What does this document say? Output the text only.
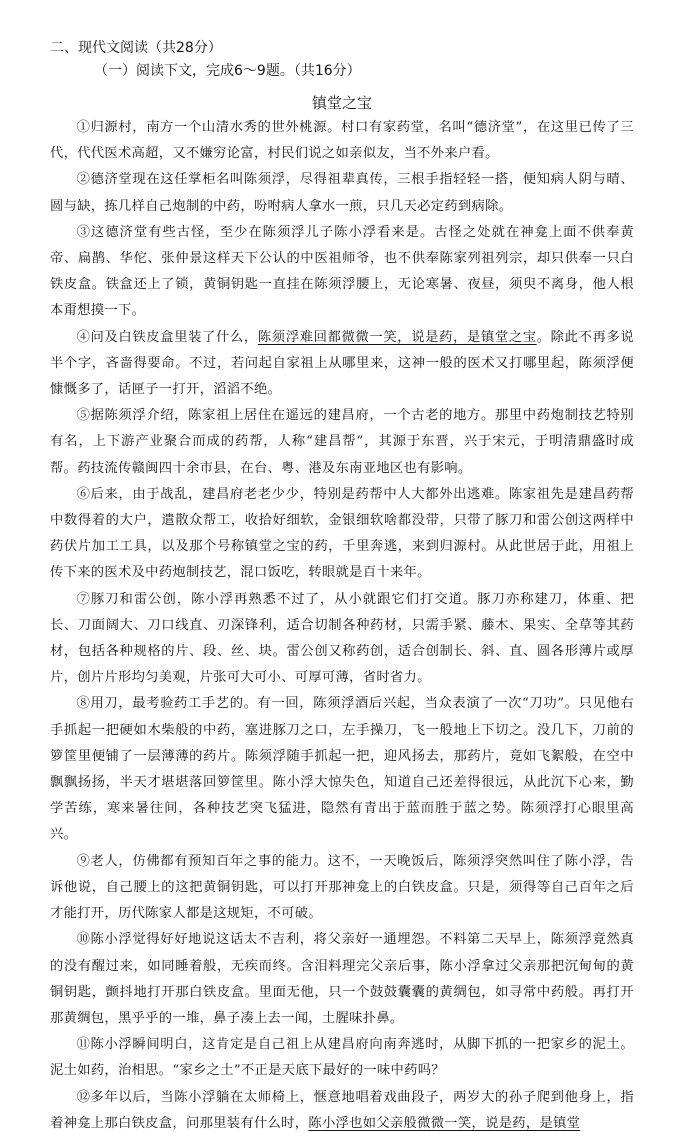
二、现代文阅读（共28分）
（一）阅读下文，完成6～9题。（共16分）
镇堂之宝

①归源村，南方一个山清水秀的世外桃源。村口有家药堂，名叫“德济堂”，在这里已传了三代，代代医术高超，又不嫌穷论富，村民们说之如亲似友，当不外来户看。

②德济堂现在这任掌柜名叫陈须浮，尽得祖辈真传，三根手指轻轻一搭，便知病人阴与晴、圆与缺，拣几样自己炮制的中药，吩咐病人拿水一煎，只几天必定药到病除。

③这德济堂有些古怪，至少在陈须浮儿子陈小浮看来是。古怪之处就在神龛上面不供奉黄帝、扁鹊、华佗、张仲景这样天下公认的中医祖师爷，也不供奉陈家列祖列宗，却只供奉一只白铁皮盒。铁盒还上了锁，黄铜钥匙一直挂在陈须浮腰上，无论寒暑、夜昼，须臾不离身，他人根本甭想摸一下。

④问及白铁皮盒里装了什么，陈须浮难回都微微一笑，说是药，是镇堂之宝。除此不再多说半个字，吝啬得要命。不过，若问起自家祖上从哪里来，这神一般的医术又打哪里起，陈须浮便慷慨多了，话匣子一打开，滔滔不绝。

⑤据陈须浮介绍，陈家祖上居住在遥远的建昌府，一个古老的地方。那里中药炮制技艺特别有名，上下游产业聚合而成的药帮，人称“建昌帮”，其源于东晋，兴于宋元，于明清鼎盛时成帮。药技流传赣闽四十余市县，在台、粤、港及东南亚地区也有影响。

⑥后来，由于战乱，建昌府老老少少，特别是药帮中人大都外出逃难。陈家祖先是建昌药帮中数得着的大户，遣散众帮工，收拾好细软，金银细软啥都没带，只带了豚刀和雷公创这两样中药伏片加工工具，以及那个号称镇堂之宝的药，千里奔逃，来到归源村。从此世居于此，用祖上传下来的医术及中药炮制技艺，混口饭吃，转眼就是百十来年。

⑦豚刀和雷公创，陈小浮再熟悉不过了，从小就跟它们打交道。豚刀亦称建刀，体重、把长、刀面阔大、刀口线直、刃深锋利，适合切制各种药材，只需手紧、藤木、果实、全草等其药材，包括各种规格的片、段、丝、块。雷公创又称药创，适合创制长、斜、直、圆各形薄片或厚片，创片片形均匀美观，片张可大可小、可厚可薄，省时省力。

⑧用刀，最考验药工手艺的。有一回，陈须浮酒后兴起，当众表演了一次“刀功”。只见他右手抓起一把硬如木柴般的中药，塞进豚刀之口，左手操刀，飞一般地上下切之。没几下，刀前的箩筐里便铺了一层薄薄的药片。陈须浮随手抓起一把，迎风扬去，那药片，竟如飞絮般，在空中飘飘扬扬，半天才堪堪落回箩筐里。陈小浮大惊失色，知道自己还差得很远，从此沉下心来，勤学苦练，寒来暑往间，各种技艺突飞猛进，隐然有青出于蓝而胜于蓝之势。陈须浮打心眼里高兴。

⑨老人，仿佛都有预知百年之事的能力。这不，一天晚饭后，陈须浮突然叫住了陈小浮，告诉他说，自己腰上的这把黄铜钥匙，可以打开那神龛上的白铁皮盒。只是，须得等自己百年之后才能打开，历代陈家人都是这规矩，不可破。

⑩陈小浮觉得好好地说这话太不吉利，将父亲好一通埋怨。不料第二天早上，陈须浮竟然真的没有醒过来，如同睡着般，无疾而终。含泪料理完父亲后事，陈小浮拿过父亲那把沉甸甸的黄铜钥匙，颤抖地打开那白铁皮盒。里面无他，只一个鼓鼓囊囊的黄绸包，如寻常中药般。再打开那黄绸包，黑乎乎的一堆，鼻子凑上去一闻，土腥味扑鼻。

⑪陈小浮瞬间明白，这肯定是自己祖上从建昌府向南奔逃时，从脚下抓的一把家乡的泥土。泥土如药，治相思。“家乡之土”不正是天底下最好的一味中药吗？

⑫多年以后，当陈小浮躺在太师椅上，惬意地唱着戏曲段子，两岁大的孙子爬到他身上，指着神龛上那白铁皮盒，问那里装有什么时，陈小浮也如父亲般微微一笑，说是药，是镇堂
